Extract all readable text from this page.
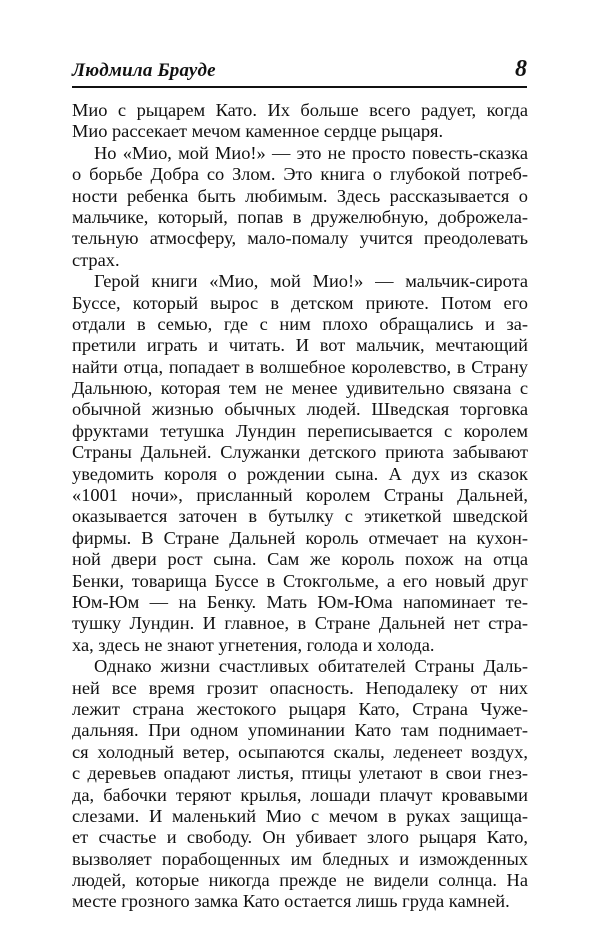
Людмила Брауде	8
Мио с рыцарем Като. Их больше всего радует, когда
Мио рассекает мечом каменное сердце рыцаря.
Но «Мио, мой Мио!» — это не просто повесть-сказка
о борьбе Добра со Злом. Это книга о глубокой потреб-
ности ребенка быть любимым. Здесь рассказывается о
мальчике, который, попав в дружелюбную, доброжела-
тельную атмосферу, мало-помалу учится преодолевать
страх.
Герой книги «Мио, мой Мио!» — мальчик-сирота
Буссе, который вырос в детском приюте. Потом его
отдали в семью, где с ним плохо обращались и за-
претили играть и читать. И вот мальчик, мечтающий
найти отца, попадает в волшебное королевство, в Страну
Дальнюю, которая тем не менее удивительно связана с
обычной жизнью обычных людей. Шведская торговка
фруктами тетушка Лундин переписывается с королем
Страны Дальней. Служанки детского приюта забывают
уведомить короля о рождении сына. А дух из сказок
«1001 ночи», присланный королем Страны Дальней,
оказывается заточен в бутылку с этикеткой шведской
фирмы. В Стране Дальней король отмечает на кухон-
ной двери рост сына. Сам же король похож на отца
Бенки, товарища Буссе в Стокгольме, а его новый друг
Юм-Юм — на Бенку. Мать Юм-Юма напоминает те-
тушку Лундин. И главное, в Стране Дальней нет стра-
ха, здесь не знают угнетения, голода и холода.
Однако жизни счастливых обитателей Страны Даль-
ней все время грозит опасность. Неподалеку от них
лежит страна жестокого рыцаря Като, Страна Чуже-
дальняя. При одном упоминании Като там поднимает-
ся холодный ветер, осыпаются скалы, леденеет воздух,
с деревьев опадают листья, птицы улетают в свои гнез-
да, бабочки теряют крылья, лошади плачут кровавыми
слезами. И маленький Мио с мечом в руках защища-
ет счастье и свободу. Он убивает злого рыцаря Като,
вызволяет порабощенных им бледных и изможденных
людей, которые никогда прежде не видели солнца. На
месте грозного замка Като остается лишь груда камней.
